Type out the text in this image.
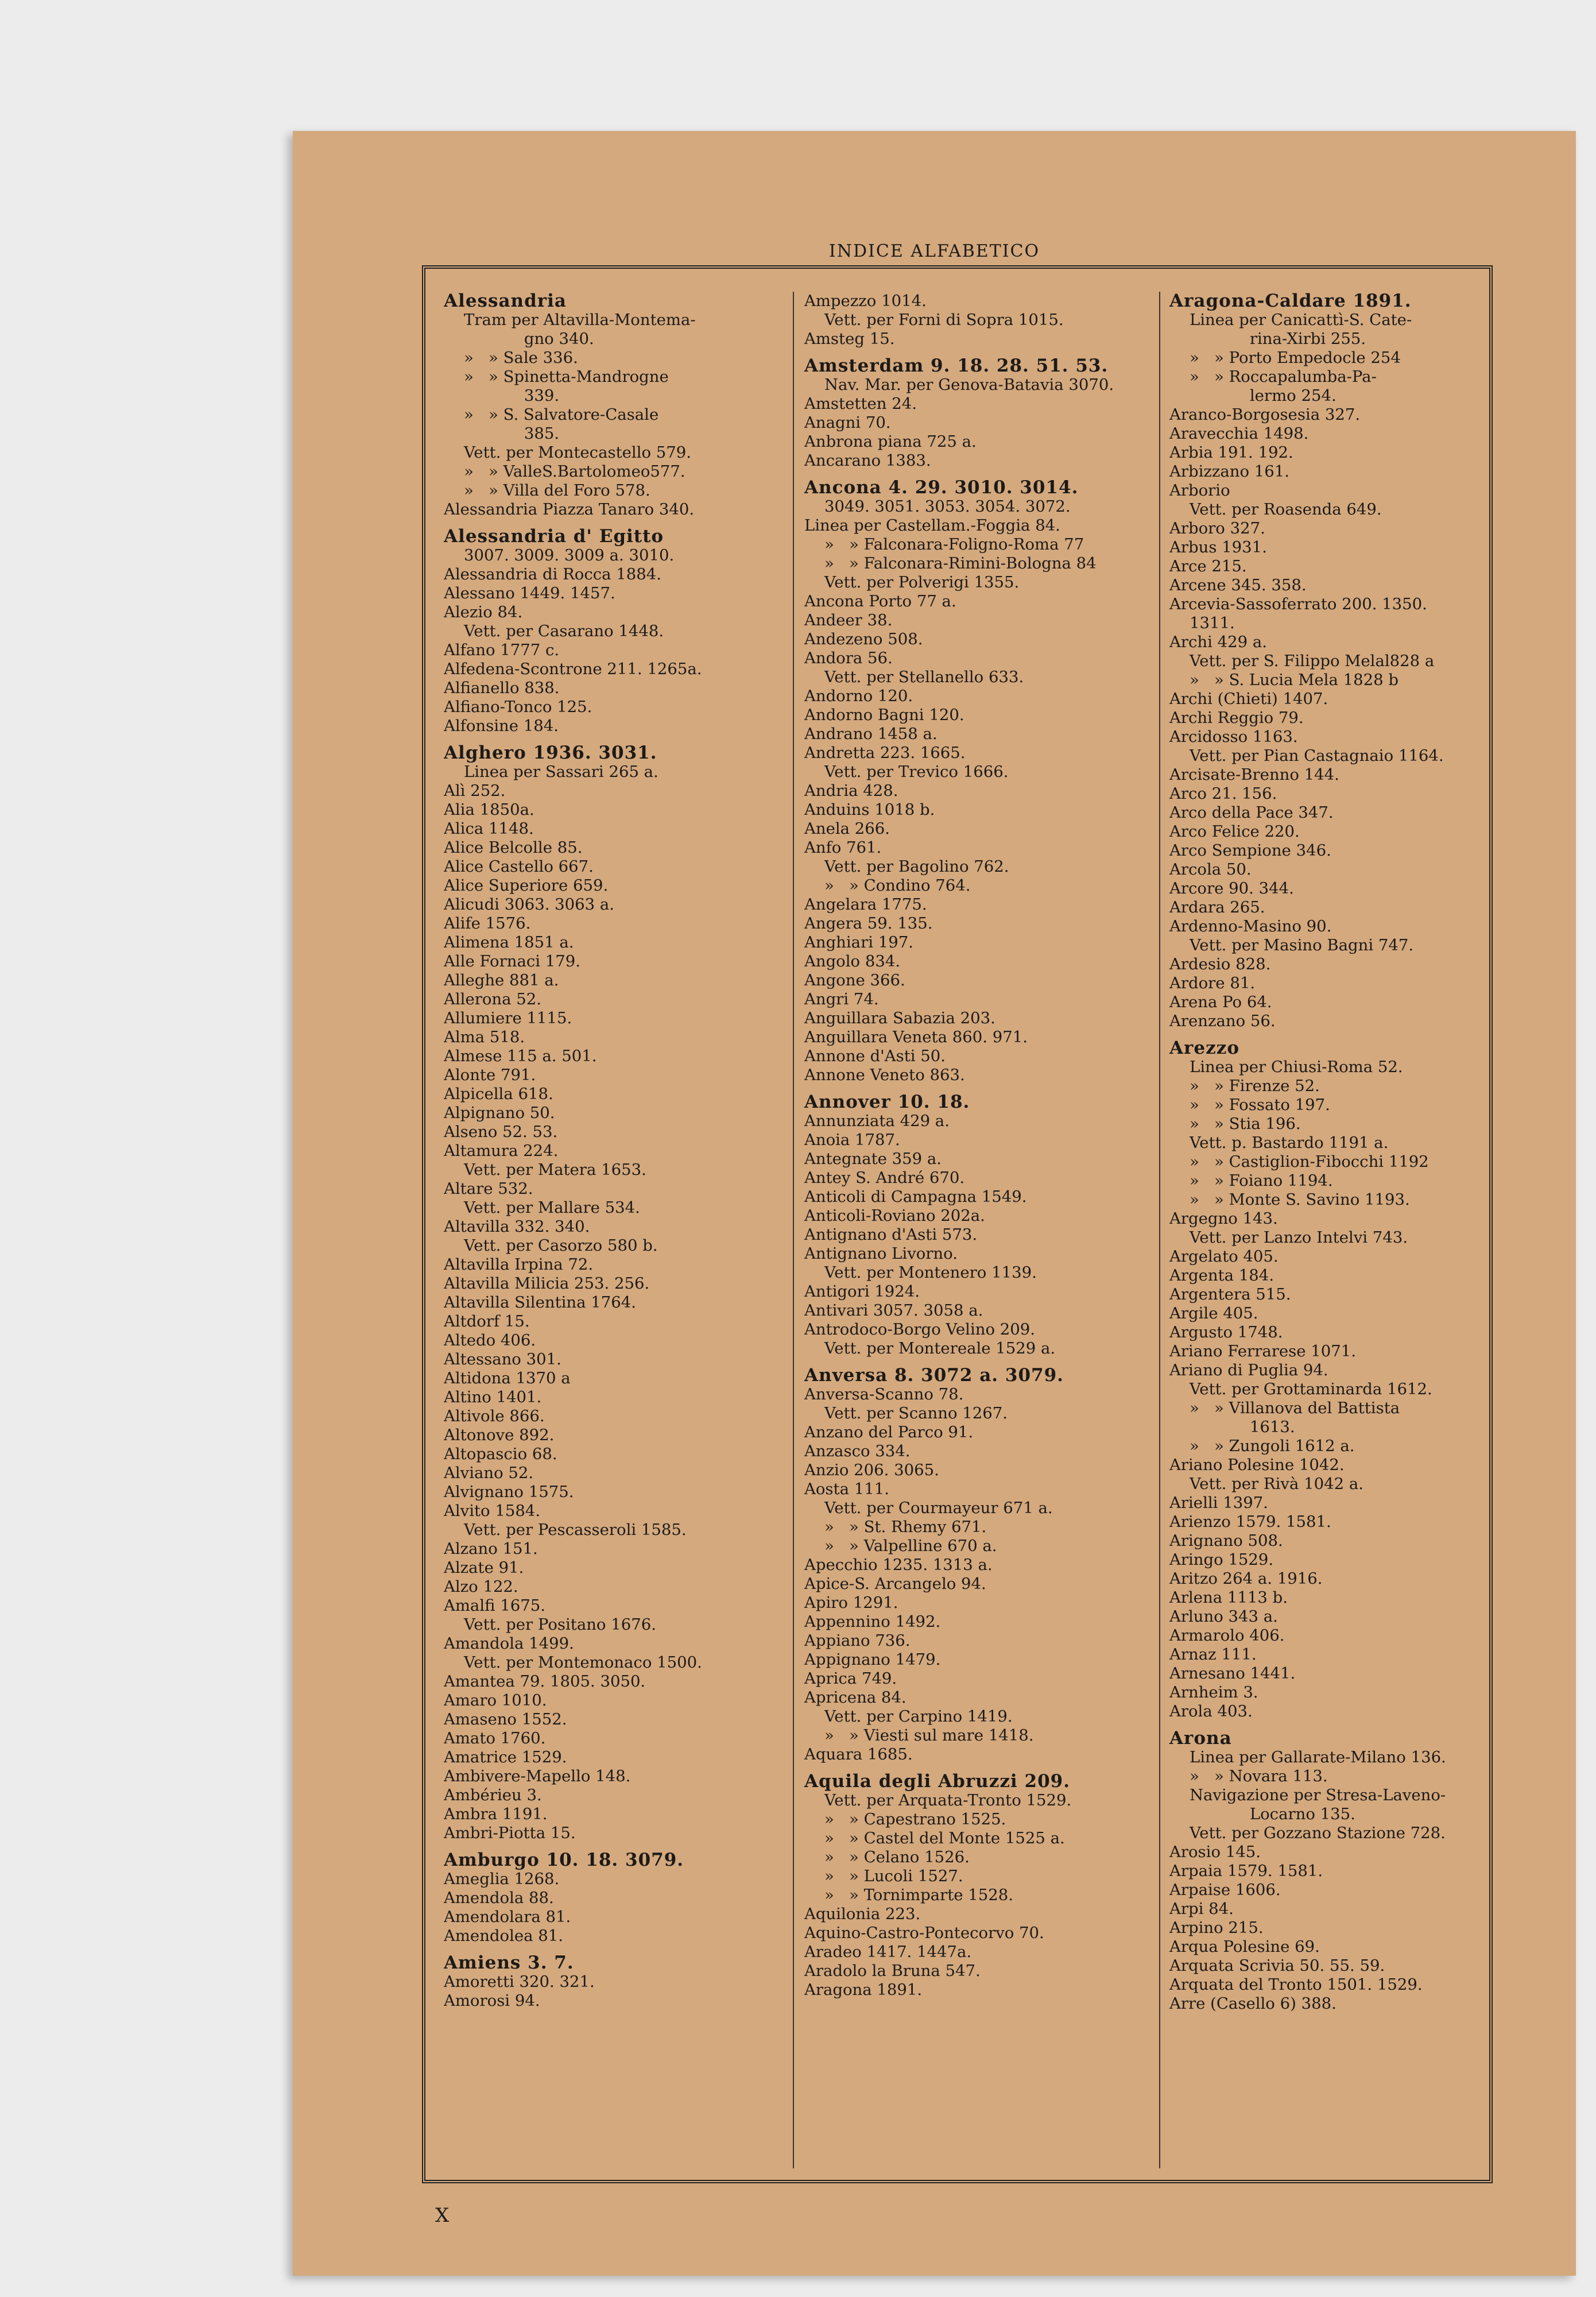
INDICE ALFABETICO
Alessandria
Tram per Altavilla-Montema-
gno 340.
»   » Sale 336.
»   » Spinetta-Mandrogne
339.
»   » S. Salvatore-Casale
385.
Vett. per Montecastello 579.
»   » ValleS.Bartolomeo577.
»   » Villa del Foro 578.
Alessandria Piazza Tanaro 340.
Alessandria d' Egitto
3007. 3009. 3009 a. 3010.
Alessandria di Rocca 1884.
Alessano 1449. 1457.
Alezio 84.
Vett. per Casarano 1448.
Alfano 1777 c.
Alfedena-Scontrone 211. 1265a.
Alfianello 838.
Alfiano-Tonco 125.
Alfonsine 184.
Alghero 1936. 3031.
Linea per Sassari 265 a.
Alì 252.
Alia 1850a.
Alica 1148.
Alice Belcolle 85.
Alice Castello 667.
Alice Superiore 659.
Alicudi 3063. 3063 a.
Alife 1576.
Alimena 1851 a.
Alle Fornaci 179.
Alleghe 881 a.
Allerona 52.
Allumiere 1115.
Alma 518.
Almese 115 a. 501.
Alonte 791.
Alpicella 618.
Alpignano 50.
Alseno 52. 53.
Altamura 224.
Vett. per Matera 1653.
Altare 532.
Vett. per Mallare 534.
Altavilla 332. 340.
Vett. per Casorzo 580 b.
Altavilla Irpina 72.
Altavilla Milicia 253. 256.
Altavilla Silentina 1764.
Altdorf 15.
Altedo 406.
Altessano 301.
Altidona 1370 a
Altino 1401.
Altivole 866.
Altonove 892.
Altopascio 68.
Alviano 52.
Alvignano 1575.
Alvito 1584.
Vett. per Pescasseroli 1585.
Alzano 151.
Alzate 91.
Alzo 122.
Amalfi 1675.
Vett. per Positano 1676.
Amandola 1499.
Vett. per Montemonaco 1500.
Amantea 79. 1805. 3050.
Amaro 1010.
Amaseno 1552.
Amato 1760.
Amatrice 1529.
Ambivere-Mapello 148.
Ambérieu 3.
Ambra 1191.
Ambri-Piotta 15.
Amburgo 10. 18. 3079.
Ameglia 1268.
Amendola 88.
Amendolara 81.
Amendolea 81.
Amiens 3. 7.
Amoretti 320. 321.
Amorosi 94.
Ampezzo 1014.
Vett. per Forni di Sopra 1015.
Amsteg 15.
Amsterdam 9. 18. 28. 51. 53.
Nav. Mar. per Genova-Batavia 3070.
Amstetten 24.
Anagni 70.
Anbrona piana 725 a.
Ancarano 1383.
Ancona 4. 29. 3010. 3014.
3049. 3051. 3053. 3054. 3072.
Linea per Castellam.-Foggia 84.
»   » Falconara-Foligno-Roma 77
»   » Falconara-Rimini-Bologna 84
Vett. per Polverigi 1355.
Ancona Porto 77 a.
Andeer 38.
Andezeno 508.
Andora 56.
Vett. per Stellanello 633.
Andorno 120.
Andorno Bagni 120.
Andrano 1458 a.
Andretta 223. 1665.
Vett. per Trevico 1666.
Andria 428.
Anduins 1018 b.
Anela 266.
Anfo 761.
Vett. per Bagolino 762.
»   » Condino 764.
Angelara 1775.
Angera 59. 135.
Anghiari 197.
Angolo 834.
Angone 366.
Angri 74.
Anguillara Sabazia 203.
Anguillara Veneta 860. 971.
Annone d'Asti 50.
Annone Veneto 863.
Annover 10. 18.
Annunziata 429 a.
Anoia 1787.
Antegnate 359 a.
Antey S. André 670.
Anticoli di Campagna 1549.
Anticoli-Roviano 202a.
Antignano d'Asti 573.
Antignano Livorno.
Vett. per Montenero 1139.
Antigori 1924.
Antivari 3057. 3058 a.
Antrodoco-Borgo Velino 209.
Vett. per Montereale 1529 a.
Anversa 8. 3072 a. 3079.
Anversa-Scanno 78.
Vett. per Scanno 1267.
Anzano del Parco 91.
Anzasco 334.
Anzio 206. 3065.
Aosta 111.
Vett. per Courmayeur 671 a.
»   » St. Rhemy 671.
»   » Valpelline 670 a.
Apecchio 1235. 1313 a.
Apice-S. Arcangelo 94.
Apiro 1291.
Appennino 1492.
Appiano 736.
Appignano 1479.
Aprica 749.
Apricena 84.
Vett. per Carpino 1419.
»   » Viesti sul mare 1418.
Aquara 1685.
Aquila degli Abruzzi 209.
Vett. per Arquata-Tronto 1529.
»   » Capestrano 1525.
»   » Castel del Monte 1525 a.
»   » Celano 1526.
»   » Lucoli 1527.
»   » Tornimparte 1528.
Aquilonia 223.
Aquino-Castro-Pontecorvo 70.
Aradeo 1417. 1447a.
Aradolo la Bruna 547.
Aragona 1891.
Aragona-Caldare 1891.
Linea per Canicattì-S. Cate-
rina-Xirbi 255.
»   » Porto Empedocle 254
»   » Roccapalumba-Pa-
lermo 254.
Aranco-Borgosesia 327.
Aravecchia 1498.
Arbia 191. 192.
Arbizzano 161.
Arborio
Vett. per Roasenda 649.
Arboro 327.
Arbus 1931.
Arce 215.
Arcene 345. 358.
Arcevia-Sassoferrato 200. 1350.
1311.
Archi 429 a.
Vett. per S. Filippo Melal828 a
»   » S. Lucia Mela 1828 b
Archi (Chieti) 1407.
Archi Reggio 79.
Arcidosso 1163.
Vett. per Pian Castagnaio 1164.
Arcisate-Brenno 144.
Arco 21. 156.
Arco della Pace 347.
Arco Felice 220.
Arco Sempione 346.
Arcola 50.
Arcore 90. 344.
Ardara 265.
Ardenno-Masino 90.
Vett. per Masino Bagni 747.
Ardesio 828.
Ardore 81.
Arena Po 64.
Arenzano 56.
Arezzo
Linea per Chiusi-Roma 52.
»   » Firenze 52.
»   » Fossato 197.
»   » Stia 196.
Vett. p. Bastardo 1191 a.
»   » Castiglion-Fibocchi 1192
»   » Foiano 1194.
»   » Monte S. Savino 1193.
Argegno 143.
Vett. per Lanzo Intelvi 743.
Argelato 405.
Argenta 184.
Argentera 515.
Argile 405.
Argusto 1748.
Ariano Ferrarese 1071.
Ariano di Puglia 94.
Vett. per Grottaminarda 1612.
»   » Villanova del Battista
1613.
»   » Zungoli 1612 a.
Ariano Polesine 1042.
Vett. per Rivà 1042 a.
Arielli 1397.
Arienzo 1579. 1581.
Arignano 508.
Aringo 1529.
Aritzo 264 a. 1916.
Arlena 1113 b.
Arluno 343 a.
Armarolo 406.
Arnaz 111.
Arnesano 1441.
Arnheim 3.
Arola 403.
Arona
Linea per Gallarate-Milano 136.
»   » Novara 113.
Navigazione per Stresa-Laveno-
Locarno 135.
Vett. per Gozzano Stazione 728.
Arosio 145.
Arpaia 1579. 1581.
Arpaise 1606.
Arpi 84.
Arpino 215.
Arqua Polesine 69.
Arquata Scrivia 50. 55. 59.
Arquata del Tronto 1501. 1529.
Arre (Casello 6) 388.
X
